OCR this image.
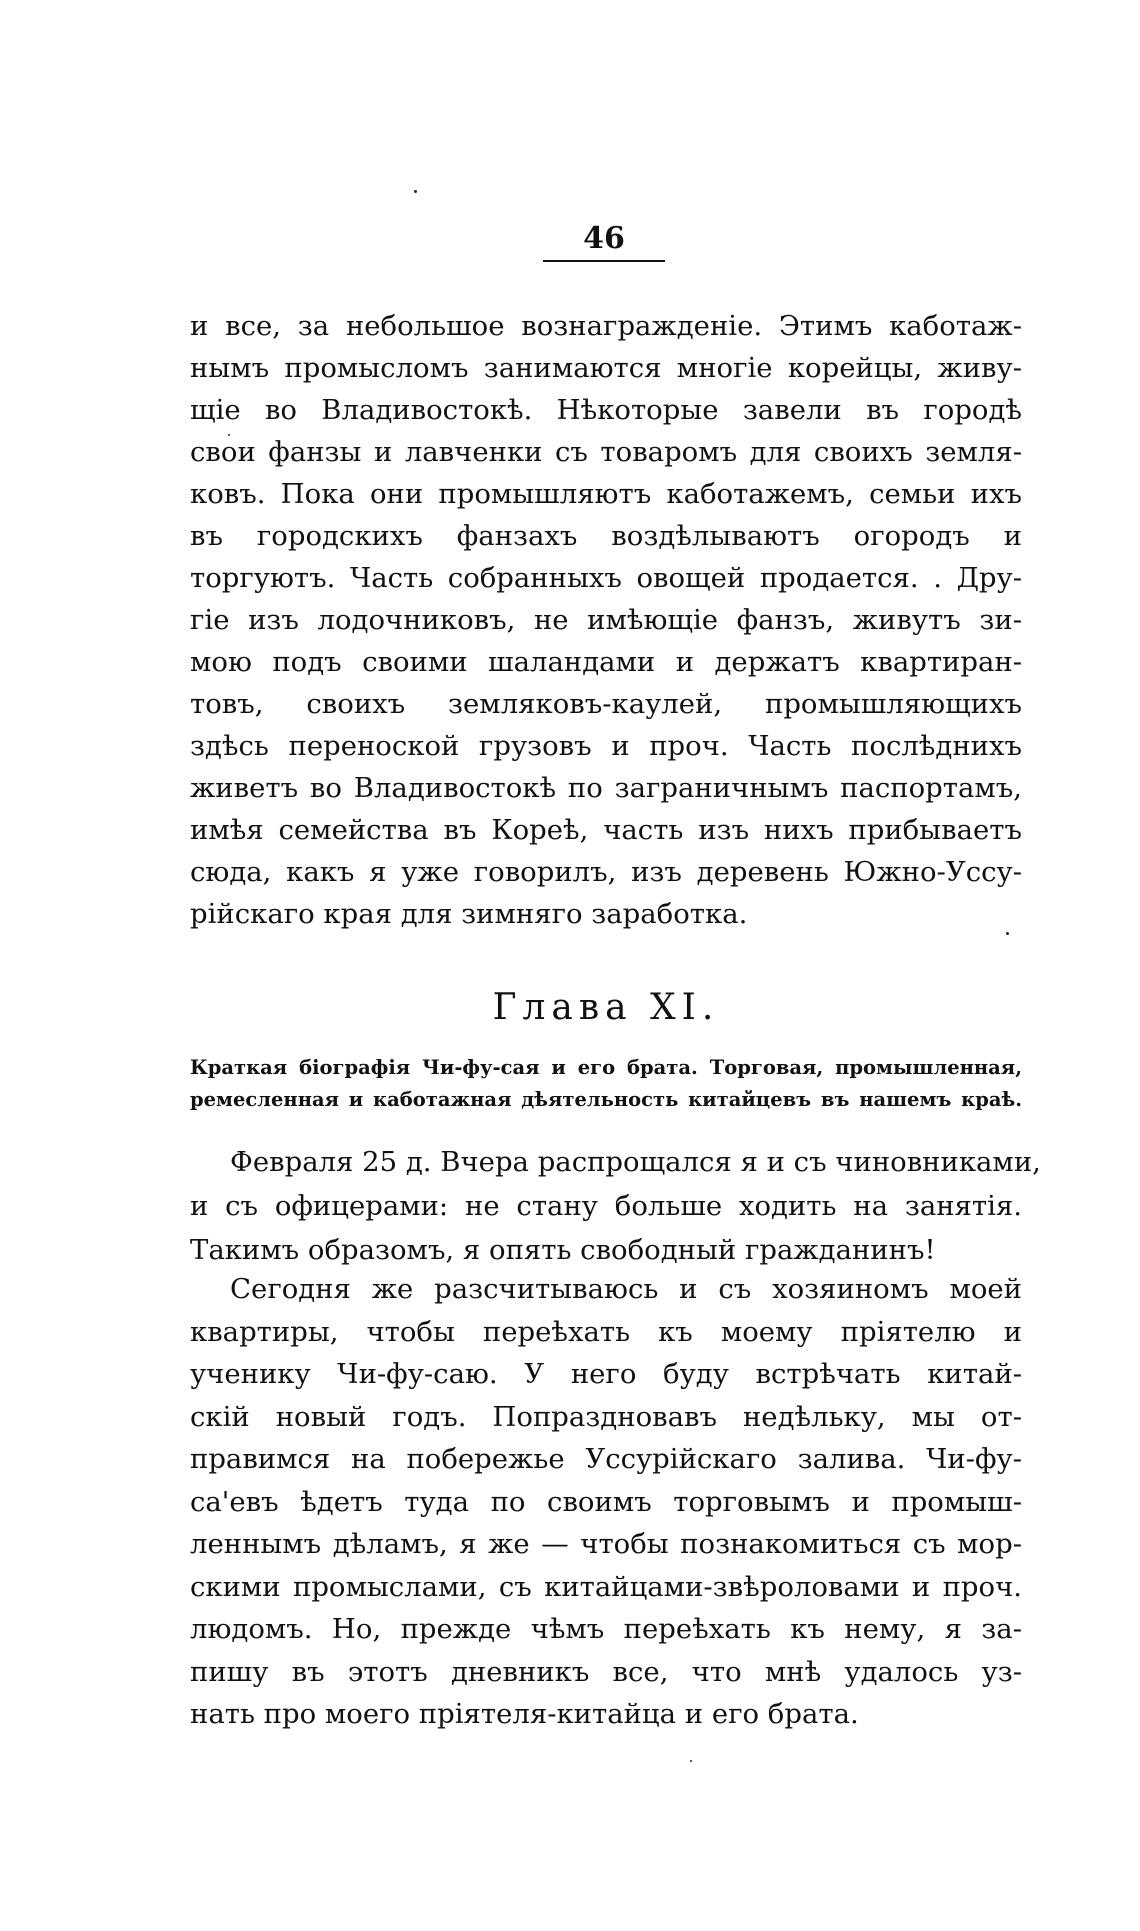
46
и все, за небольшое вознагражденіе. Этимъ каботаж-
нымъ промысломъ занимаются многіе корейцы, живу-
щіе во Владивостокѣ. Нѣкоторые завели въ городѣ
свои фанзы и лавченки съ товаромъ для своихъ земля-
ковъ. Пока они промышляютъ каботажемъ, семьи ихъ
въ городскихъ фанзахъ воздѣлываютъ огородъ и
торгуютъ. Часть собранныхъ овощей продается. . Дру-
гіе изъ лодочниковъ, не имѣющіе фанзъ, живутъ зи-
мою подъ своими шаландами и держатъ квартиран-
товъ, своихъ земляковъ-каулей, промышляющихъ
здѣсь переноской грузовъ и проч. Часть послѣднихъ
живетъ во Владивостокѣ по заграничнымъ паспортамъ,
имѣя семейства въ Кореѣ, часть изъ нихъ прибываетъ
сюда, какъ я уже говорилъ, изъ деревень Южно-Уссу-
рійскаго края для зимняго заработка.
Глава XI.
Краткая біографія Чи-фу-сая и его брата. Торговая, промышленная,
ремесленная и каботажная дѣятельность китайцевъ въ нашемъ краѣ.
Февраля 25 д. Вчера распрощался я и съ чиновниками,
и съ офицерами: не стану больше ходить на занятія.
Такимъ образомъ, я опять свободный гражданинъ!
Сегодня же разсчитываюсь и съ хозяиномъ моей
квартиры, чтобы переѣхать къ моему пріятелю и
ученику Чи-фу-саю. У него буду встрѣчать китай-
скій новый годъ. Попраздновавъ недѣльку, мы от-
правимся на побережье Уссурійскаго залива. Чи-фу-
са'евъ ѣдетъ туда по своимъ торговымъ и промыш-
леннымъ дѣламъ, я же — чтобы познакомиться съ мор-
скими промыслами, съ китайцами-звѣроловами и проч.
людомъ. Но, прежде чѣмъ переѣхать къ нему, я за-
пишу въ этотъ дневникъ все, что мнѣ удалось уз-
нать про моего пріятеля-китайца и его брата.
